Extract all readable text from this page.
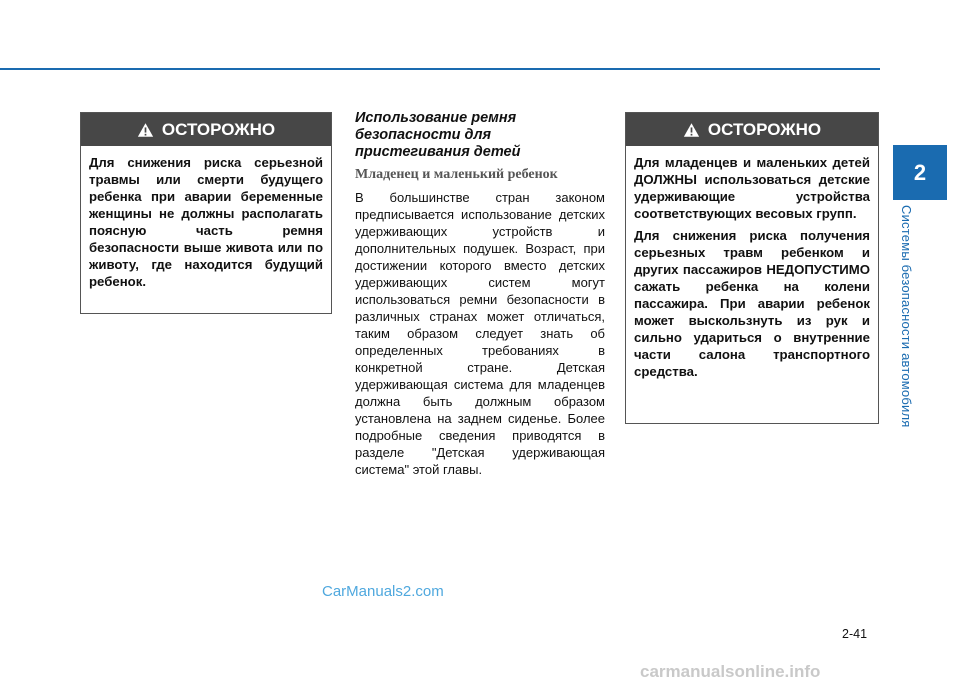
2
Системы безопасности автомобиля
ОСТОРОЖНО

Для снижения риска серьезной травмы или смерти будущего ребенка при аварии беременные женщины не должны располагать поясную часть ремня безопасности выше живота или по животу, где находится будущий ребенок.

Использование ремня безопасности для пристегивания детей
Младенец и маленький ребенок

В большинстве стран законом предписывается использование детских удерживающих устройств и дополнительных подушек. Возраст, при достижении которого вместо детских удерживающих систем могут использоваться ремни безопасности в различных странах может отличаться, таким образом следует знать об определенных требованиях в конкретной стране. Детская удерживающая система для младенцев должна быть должным образом установлена на заднем сиденье. Более подробные сведения приводятся в разделе "Детская удерживающая система" этой главы.

ОСТОРОЖНО

Для младенцев и маленьких детей ДОЛЖНЫ использоваться детские удерживающие устройства соответствующих весовых групп.

Для снижения риска получения серьезных травм ребенком и других пассажиров НЕДОПУСТИМО сажать ребенка на колени пассажира. При аварии ребенок может выскользнуть из рук и сильно удариться о внутренние части салона транспортного средства.

CarManuals2.com
2-41
carmanualsonline.info
